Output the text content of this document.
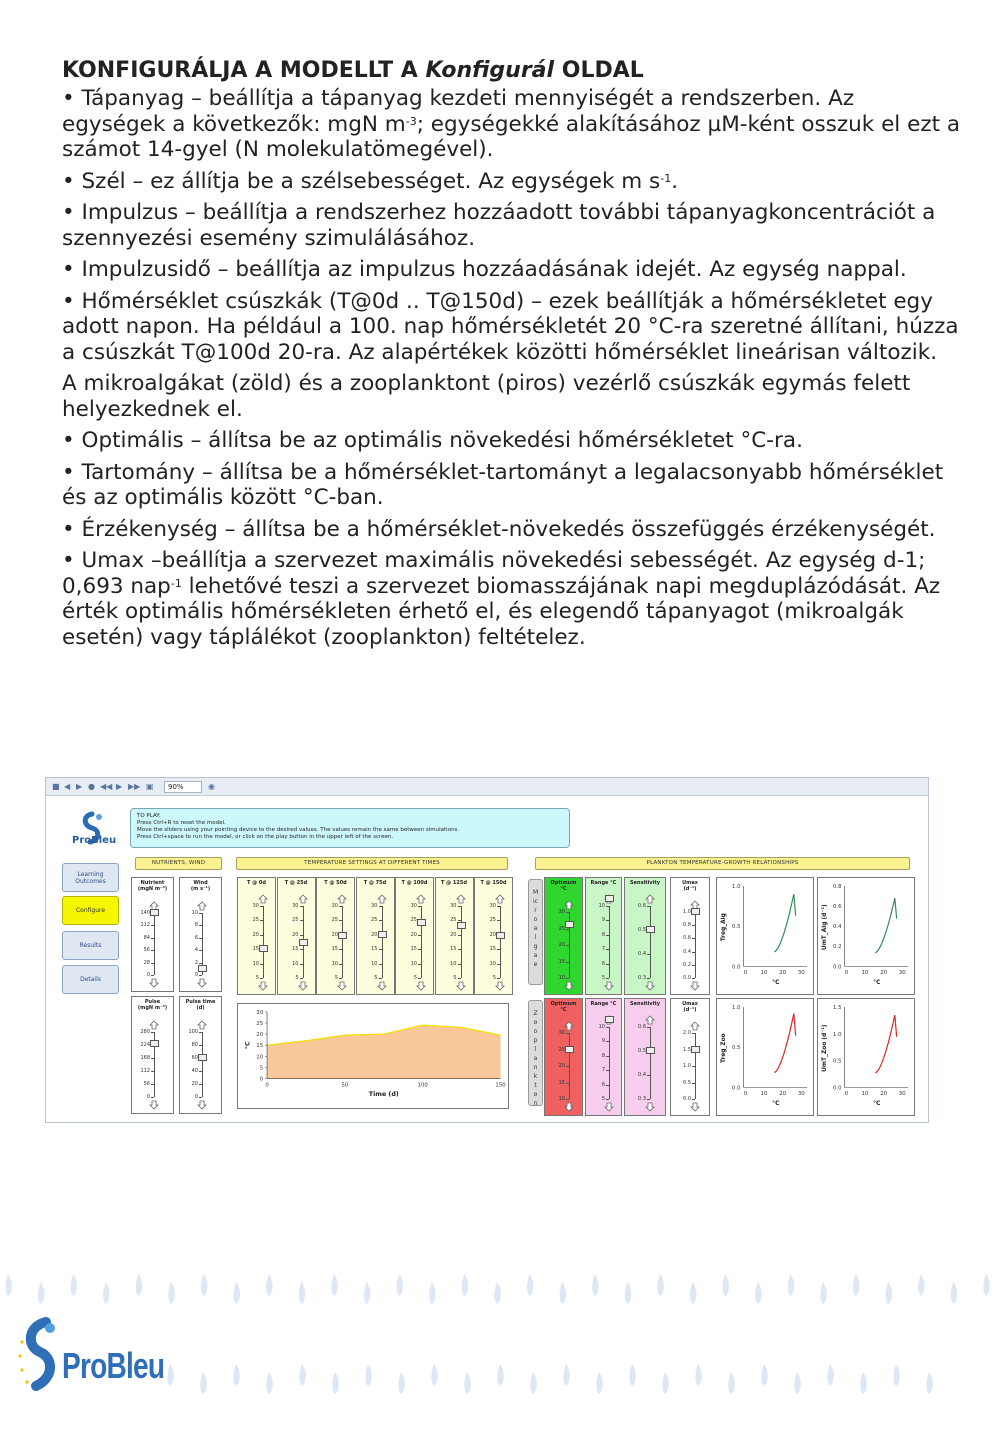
KONFIGURÁLJA A MODELLT A Konfigurál OLDAL

• Tápanyag – beállítja a tápanyag kezdeti mennyiségét a rendszerben. Az egységek a következők: mgN $m^{-3}$; egységekké alakításához µM-ként osszuk el ezt a számot 14-gyel (N molekulatömegével).

• Szél – ez állítja be a szélsebességet. Az egységek m $s^{-1}$.

• Impulzus – beállítja a rendszerhez hozzáadott további tápanyagkoncentrációt a szennyezési esemény szimulálásához.

• Impulzusidő – beállítja az impulzus hozzáadásának idejét. Az egység nappal.

• Hőmérséklet csúszkák (T@0d .. T@150d) – ezek beállítják a hőmérsékletet egy adott napon. Ha például a 100. nap hőmérsékletét 20 °C-ra szeretné állítani, húzza a csúszkát T@100d 20-ra. Az alapértékek közötti hőmérséklet lineárisan változik.

A mikroalgákat (zöld) és a zooplanktont (piros) vezérlő csúszkák egymás felett helyezkednek el.

• Optimális – állítsa be az optimális növekedési hőmérsékletet °C-ra.

• Tartomány – állítsa be a hőmérséklet-tartományt a legalacsonyabb hőmérséklet és az optimális között °C-ban.

• Érzékenység – állítsa be a hőmérséklet-növekedés összefüggés érzékenységét.

• Umax –beállítja a szervezet maximális növekedési sebességét. Az egység d-1; 0,693 nap$^{-1}$ lehetővé teszi a szervezet biomasszájának napi megduplázódását. Az érték optimális hőmérsékleten érhető el, és elegendő tápanyagot (mikroalgák esetén) vagy táplálékot (zooplankton) feltételez.

■ ◀ ▶ ● ◀◀ ▶ ▶▶ ▣	90%	◉
ProBleu
Learning Outcomes
Configure
Results
Details
TO PLAY:
Press Ctrl+R to reset the model.
Move the sliders using your pointing device to the desired values. The values remain the same between simulations.
Press Ctrl+space to run the model, or click on the play button in the upper left of the screen.
NUTRIENTS, WIND	TEMPERATURE SETTINGS AT DIFFERENT TIMES	PLANKTON TEMPERATURE-GROWTH RELATIONSHIPS
Nutrient
(mgN m⁻³)
140
112
84
56
28
0
Wind
(m s⁻¹)
10
8
6
4
2
0
Pulse
(mgN m⁻³)
280
224
168
112
56
0
Pulse time
(d)
100
80
60
40
20
0
T @ 0d
30
25
20
15
10
5
T @ 25d
30
25
20
15
10
5
T @ 50d
30
25
20
15
10
5
T @ 75d
30
25
20
15
10
5
T @ 100d
30
25
20
15
10
5
T @ 125d
30
25
20
15
10
5
T @ 150d
30
25
20
15
10
5
Optimum
°C
30
25
20
15
10
Range °C
10
9
8
7
6
5
Sensitivity
0.6
0.5
0.4
0.3
Umax
(d⁻¹)
1.0
0.8
0.6
0.4
0.2
0.0
Optimum
°C
30
25
20
15
10
Range °C
10
9
8
7
6
5
Sensitivity
0.6
0.5
0.4
0.3
Umax
(d⁻¹)
2.0
1.5
1.0
0.5
0.0
30
25
20
15
10
5
0
0	50	100	150
Time (d)
°C
Microalgae
Zooplankton
1.0
0.5
0.0
0 10 20 30
°C
Treg_Alg
0.8
0.6
0.4
0.2
0.0
0 10 20 30
°C
UmT_Alg (d⁻¹)
1.0
0.5
0.0
0 10 20 30
°C
Treg_Zoo
1.5
1.0
0.5
0.0
0 10 20 30
°C
UmT_Zoo (d⁻¹)
ProBleu
